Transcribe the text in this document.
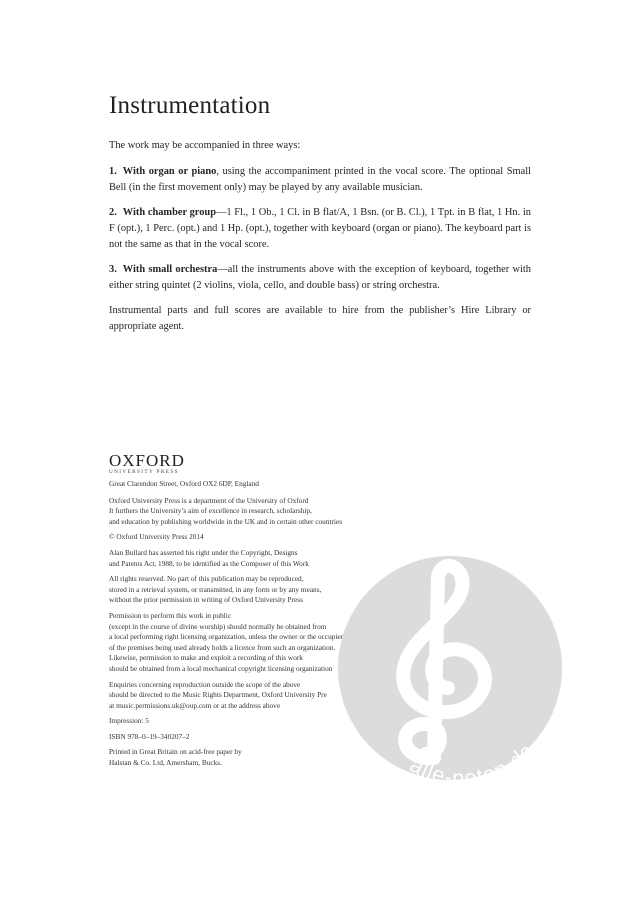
Instrumentation

The work may be accompanied in three ways:

1. With organ or piano, using the accompaniment printed in the vocal score. The optional Small Bell (in the first movement only) may be played by any available musician.

2. With chamber group—1 Fl., 1 Ob., 1 Cl. in B flat/A, 1 Bsn. (or B. Cl.), 1 Tpt. in B flat, 1 Hn. in F (opt.), 1 Perc. (opt.) and 1 Hp. (opt.), together with keyboard (organ or piano). The keyboard part is not the same as that in the vocal score.

3. With small orchestra—all the instruments above with the exception of keyboard, together with either string quintet (2 violins, viola, cello, and double bass) or string orchestra.

Instrumental parts and full scores are available to hire from the publisher’s Hire Library or appropriate agent.

OXFORD
UNIVERSITY PRESS

Great Clarendon Street, Oxford OX2 6DP, England

Oxford University Press is a department of the University of Oxford
It furthers the University’s aim of excellence in research, scholarship,
and education by publishing worldwide in the UK and in certain other countries

© Oxford University Press 2014

Alan Bullard has asserted his right under the Copyright, Designs
and Patents Act, 1988, to be identified as the Composer of this Work

All rights reserved. No part of this publication may be reproduced,
stored in a retrieval system, or transmitted, in any form or by any means,
without the prior permission in writing of Oxford University Press

Permission to perform this work in public
(except in the course of divine worship) should normally be obtained from
a local performing right licensing organization, unless the owner or the occupier
of the premises being used already holds a licence from such an organization.
Likewise, permission to make and exploit a recording of this work
should be obtained from a local mechanical copyright licensing organization

Enquiries concerning reproduction outside the scope of the above
should be directed to the Music Rights Department, Oxford University Pre
at music.permissions.uk@oup.com or at the address above

Impression: 5

ISBN 978–0–19–340207–2

Printed in Great Britain on acid-free paper by
Halstan & Co. Ltd, Amersham, Bucks.	alle-noten.de
